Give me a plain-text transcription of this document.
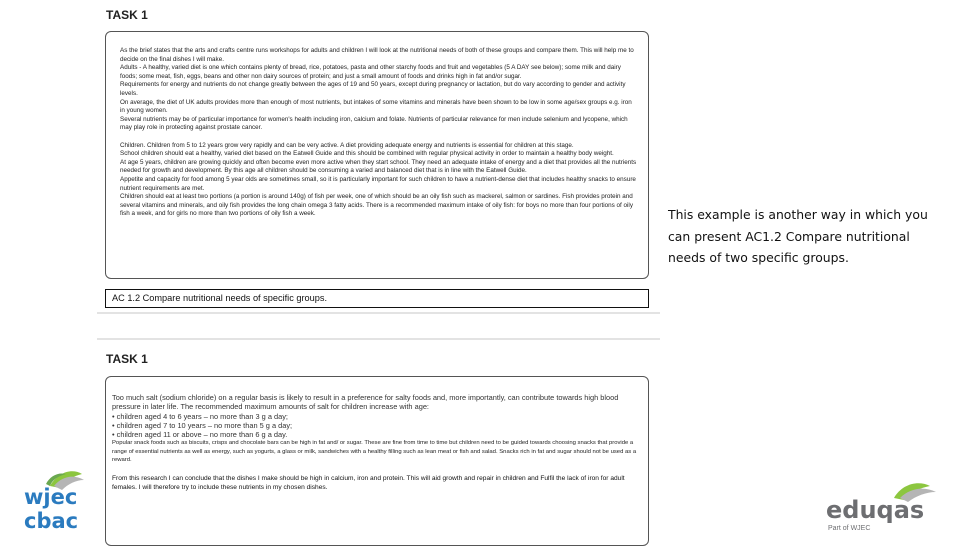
TASK 1

As the brief states that the arts and crafts centre runs workshops for adults and children I will look at the nutritional needs of both of these groups and compare them. This will help me to decide on the final dishes I will make.

Adults - A healthy, varied diet is one which contains plenty of bread, rice, potatoes, pasta and other starchy foods and fruit and vegetables (5 A DAY see below); some milk and dairy foods; some meat, fish, eggs, beans and other non dairy sources of protein; and just a small amount of foods and drinks high in fat and/or sugar.

Requirements for energy and nutrients do not change greatly between the ages of 19 and 50 years, except during pregnancy or lactation, but do vary according to gender and activity levels.

On average, the diet of UK adults provides more than enough of most nutrients, but intakes of some vitamins and minerals have been shown to be low in some age/sex groups e.g. iron in young women.

Several nutrients may be of particular importance for women's health including iron, calcium and folate. Nutrients of particular relevance for men include selenium and lycopene, which may play role in protecting against prostate cancer.

Children. Children from 5 to 12 years grow very rapidly and can be very active. A diet providing adequate energy and nutrients is essential for children at this stage.

School children should eat a healthy, varied diet based on the Eatwell Guide and this should be combined with regular physical activity in order to maintain a healthy body weight.

At age 5 years, children are growing quickly and often become even more active when they start school. They need an adequate intake of energy and a diet that provides all the nutrients needed for growth and development. By this age all children should be consuming a varied and balanced diet that is in line with the Eatwell Guide.

Appetite and capacity for food among 5 year olds are sometimes small, so it is particularly important for such children to have a nutrient-dense diet that includes healthy snacks to ensure nutrient requirements are met.

Children should eat at least two portions (a portion is around 140g) of fish per week, one of which should be an oily fish such as mackerel, salmon or sardines. Fish provides protein and several vitamins and minerals, and oily fish provides the long chain omega 3 fatty acids. There is a recommended maximum intake of oily fish: for boys no more than four portions of oily fish a week, and for girls no more than two portions of oily fish a week.

AC 1.2 Compare nutritional needs of specific groups.
TASK 1

Too much salt (sodium chloride) on a regular basis is likely to result in a preference for salty foods and, more importantly, can contribute towards high blood pressure in later life. The recommended maximum amounts of salt for children increase with age:

• children aged 4 to 6 years – no more than 3 g a day;

• children aged 7 to 10 years – no more than 5 g a day;

• children aged 11 or above – no more than 6 g a day.

Popular snack foods such as biscuits, crisps and chocolate bars can be high in fat and/ or sugar. These are fine from time to time but children need to be guided towards choosing snacks that provide a range of essential nutrients as well as energy, such as yogurts, a glass or milk, sandwiches with a healthy filling such as lean meat or fish and salad. Snacks rich in fat and sugar should not be used as a reward.

From this research I can conclude that the dishes I make should be high in calcium, iron and protein. This will aid growth and repair in children and Fulfil the lack of iron for adult females. I will therefore try to include these nutrients in my chosen dishes.

This example is another way in which you can present AC1.2 Compare nutritional needs of two specific groups.

wjec
cbac	eduqas
Part of WJEC
